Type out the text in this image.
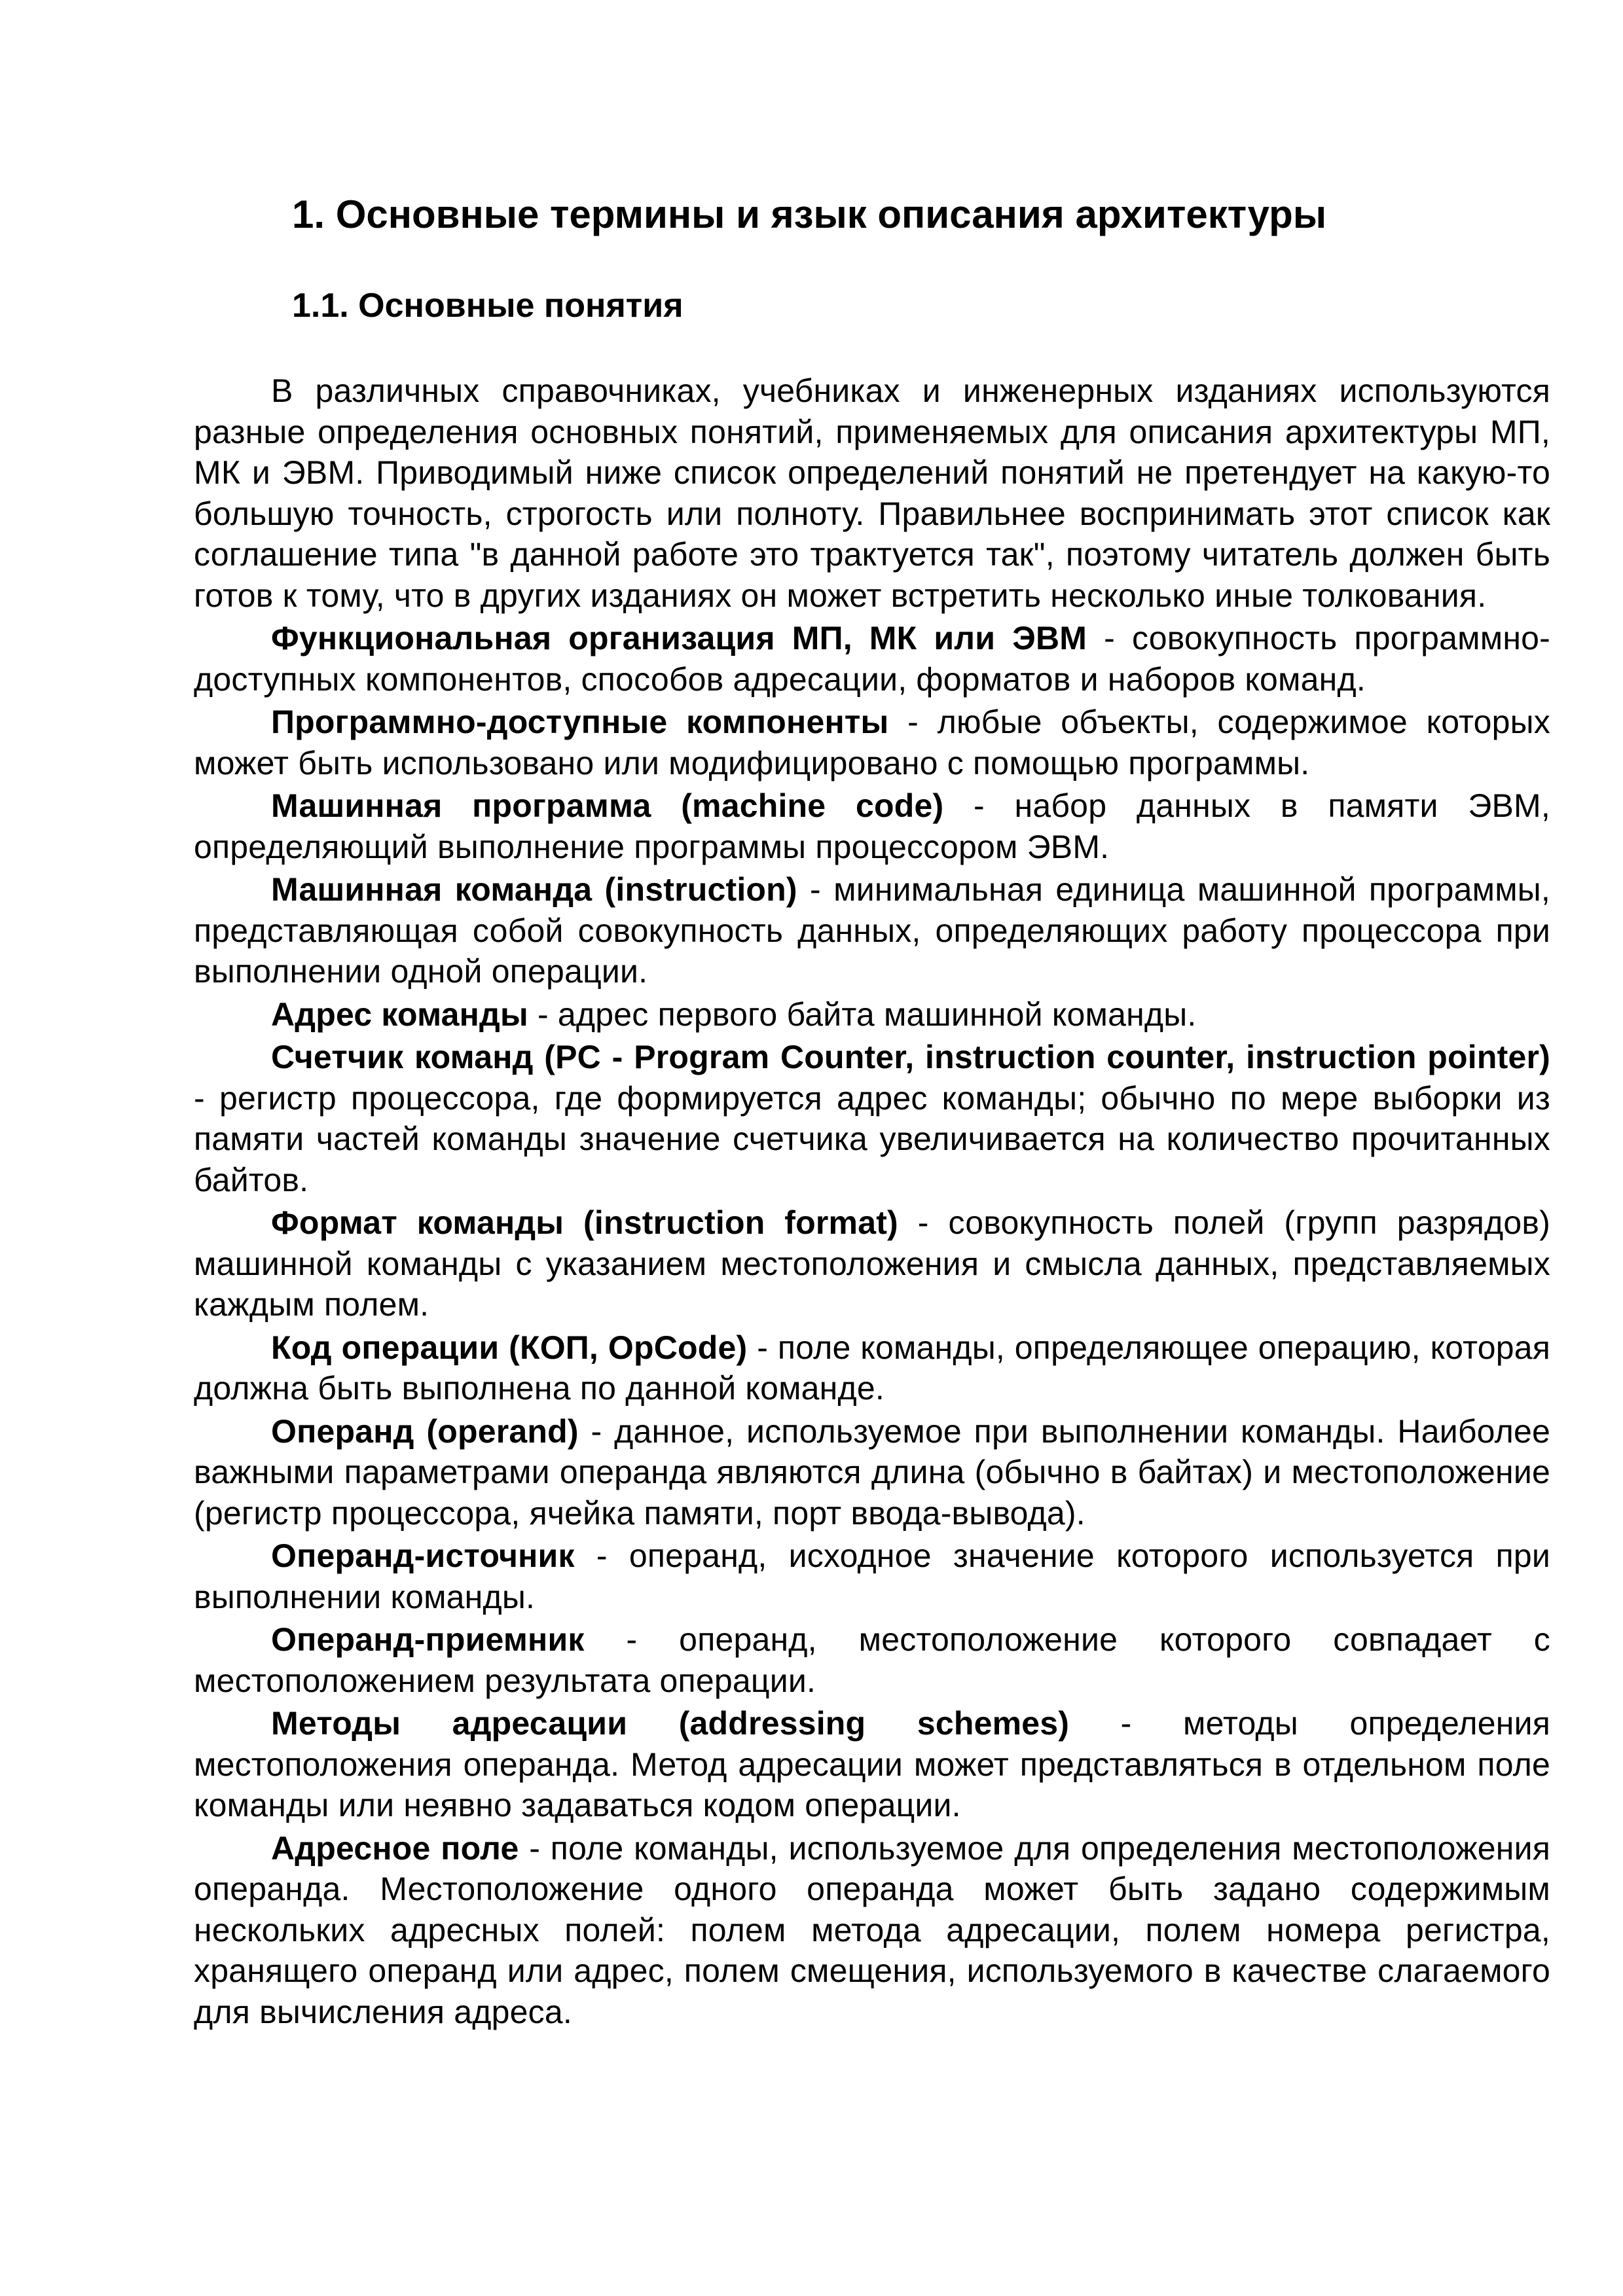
1. Основные термины и язык описания архитектуры
1.1. Основные понятия

В различных справочниках, учебниках и инженерных изданиях используются разные определения основных понятий, применяемых для описания архитектуры МП, МК и ЭВМ. Приводимый ниже список определений понятий не претендует на какую-то большую точность, строгость или полноту. Правильнее воспринимать этот список как соглашение типа "в данной работе это трактуется так", поэтому читатель должен быть готов к тому, что в других изданиях он может встретить несколько иные толкования.

Функциональная организация МП, МК или ЭВМ - совокупность программно-доступных компонентов, способов адресации, форматов и наборов команд.

Программно-доступные компоненты - любые объекты, содержимое которых может быть использовано или модифицировано с помощью программы.

Машинная программа (machine code) - набор данных в памяти ЭВМ, определяющий выполнение программы процессором ЭВМ.

Машинная команда (instruction) - минимальная единица машинной программы, представляющая собой совокупность данных, определяющих работу процессора при выполнении одной операции.

Адрес команды - адрес первого байта машинной команды.

Счетчик команд (PC - Program Counter, instruction counter, instruction pointer) - регистр процессора, где формируется адрес команды; обычно по мере выборки из памяти частей команды значение счетчика увеличивается на количество прочитанных байтов.

Формат команды (instruction format) - совокупность полей (групп разрядов) машинной команды с указанием местоположения и смысла данных, представляемых каждым полем.

Код операции (КОП, OpCode) - поле команды, определяющее операцию, которая должна быть выполнена по данной команде.

Операнд (operand) - данное, используемое при выполнении команды. Наиболее важными параметрами операнда являются длина (обычно в байтах) и местоположение (регистр процессора, ячейка памяти, порт ввода-вывода).

Операнд-источник - операнд, исходное значение которого используется при выполнении команды.

Операнд-приемник - операнд, местоположение которого совпадает с местоположением результата операции.

Методы адресации (addressing schemes) - методы определения местоположения операнда. Метод адресации может представляться в отдельном поле команды или неявно задаваться кодом операции.

Адресное поле - поле команды, используемое для определения местоположения операнда. Местоположение одного операнда может быть задано содержимым нескольких адресных полей: полем метода адресации, полем номера регистра, хранящего операнд или адрес, полем смещения, используемого в качестве слагаемого для вычисления адреса.
